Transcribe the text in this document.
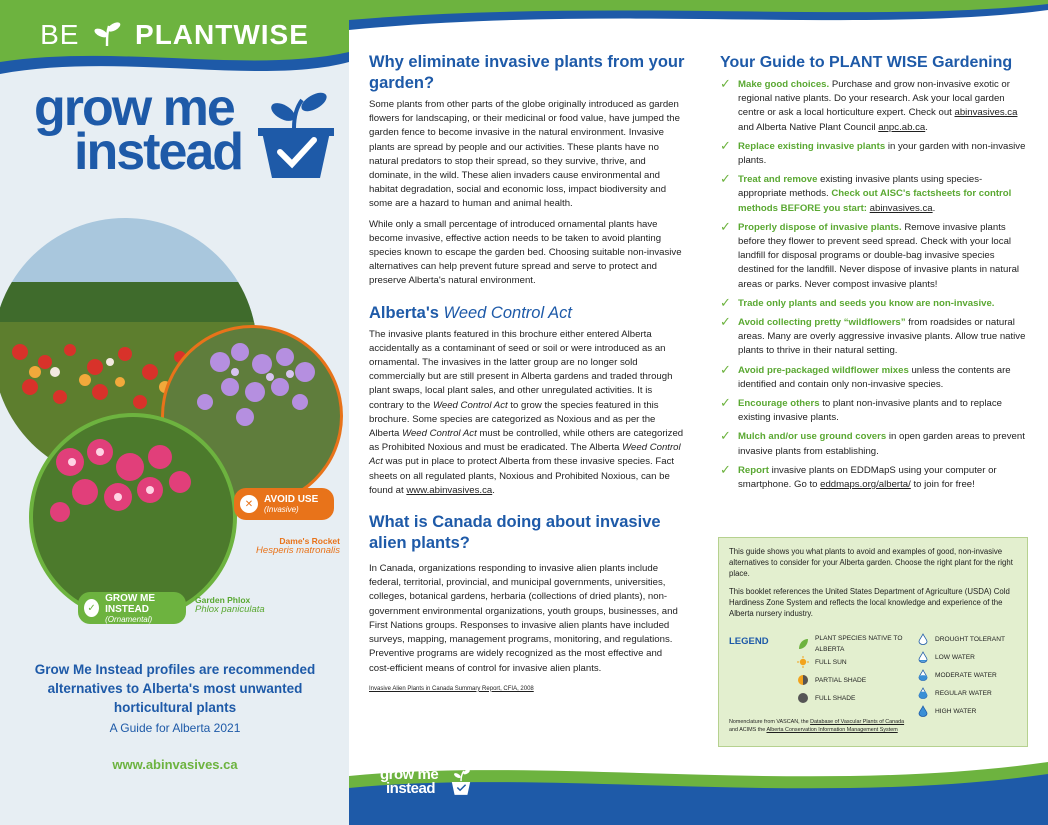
BE PLANTWISE
grow me
instead
✕	AVOID USE
(Invasive)
Dame's Rocket
Hesperis matronalis
✓
GROW ME INSTEAD
(Ornamental)
Garden Phlox
Phlox paniculata
Grow Me Instead profiles are recommended alternatives to Alberta's most unwanted horticultural plants
A Guide for Alberta 2021
www.abinvasives.ca
grow me
instead
Why eliminate invasive plants from your garden?

Some plants from other parts of the globe originally introduced as garden flowers for landscaping, or their medicinal or food value, have jumped the garden fence to become invasive in the natural environment. Invasive plants are spread by people and our activities. These plants have no natural predators to stop their spread, so they survive, thrive, and dominate, in the wild. These alien invaders cause environmental and habitat degradation, social and economic loss, impact biodiversity and some are a hazard to human and animal health.

While only a small percentage of introduced ornamental plants have become invasive, effective action needs to be taken to avoid planting species known to escape the garden bed. Choosing suitable non-invasive alternatives can help prevent future spread and serve to protect and preserve Alberta's natural environment.

Alberta's Weed Control Act

The invasive plants featured in this brochure either entered Alberta accidentally as a contaminant of seed or soil or were introduced as an ornamental. The invasives in the latter group are no longer sold commercially but are still present in Alberta gardens and traded through plant swaps, local plant sales, and other unregulated activities. It is contrary to the Weed Control Act to grow the species featured in this brochure. Some species are categorized as Noxious and as per the Alberta Weed Control Act must be controlled, while others are categorized as Prohibited Noxious and must be eradicated. The Alberta Weed Control Act was put in place to protect Alberta from these invasive species. Fact sheets on all regulated plants, Noxious and Prohibited Noxious, can be found at www.abinvasives.ca.

What is Canada doing about invasive alien plants?

In Canada, organizations responding to invasive alien plants include federal, territorial, provincial, and municipal governments, universities, colleges, botanical gardens, herbaria (collections of dried plants), non-government environmental organizations, youth groups, businesses, and First Nations groups. Responses to invasive alien plants have included surveys, mapping, management programs, monitoring, and regulations. Preventive programs are widely recognized as the most effective and cost-efficient means of control for invasive alien plants.

Invasive Alien Plants in Canada Summary Report, CFIA, 2008
Your Guide to PLANT WISE Gardening
✓ Make good choices. Purchase and grow non-invasive exotic or regional native plants. Do your research. Ask your local garden centre or ask a local horticulture expert. Check out abinvasives.ca and Alberta Native Plant Council anpc.ab.ca.
✓ Replace existing invasive plants in your garden with non-invasive plants.
✓ Treat and remove existing invasive plants using species-appropriate methods. Check out AISC's factsheets for control methods BEFORE you start: abinvasives.ca.
✓ Properly dispose of invasive plants. Remove invasive plants before they flower to prevent seed spread. Check with your local landfill for disposal programs or double-bag invasive species destined for the landfill. Never dispose of invasive plants in natural areas or parks. Never compost invasive plants!
✓ Trade only plants and seeds you know are non-invasive.
✓ Avoid collecting pretty “wildflowers” from roadsides or natural areas. Many are overly aggressive invasive plants. Allow true native plants to thrive in their natural setting.
✓ Avoid pre-packaged wildflower mixes unless the contents are identified and contain only non-invasive species.
✓ Encourage others to plant non-invasive plants and to replace existing invasive plants.
✓ Mulch and/or use ground covers in open garden areas to prevent invasive plants from establishing.
✓ Report invasive plants on EDDMapS using your computer or smartphone. Go to eddmaps.org/alberta/ to join for free!

This guide shows you what plants to avoid and examples of good, non-invasive alternatives to consider for your Alberta garden. Choose the right plant for the right place.

This booklet references the United States Department of Agriculture (USDA) Cold Hardiness Zone System and reflects the local knowledge and experience of the Alberta nursery industry.

LEGEND	PLANT SPECIES NATIVE TO ALBERTA
FULL SUN
PARTIAL SHADE
FULL SHADE
DROUGHT TOLERANT
LOW WATER
MODERATE WATER
REGULAR WATER
HIGH WATER
Nomenclature from VASCAN, the Database of Vascular Plants of Canada
and ACIMS the Alberta Conservation Information Management System
